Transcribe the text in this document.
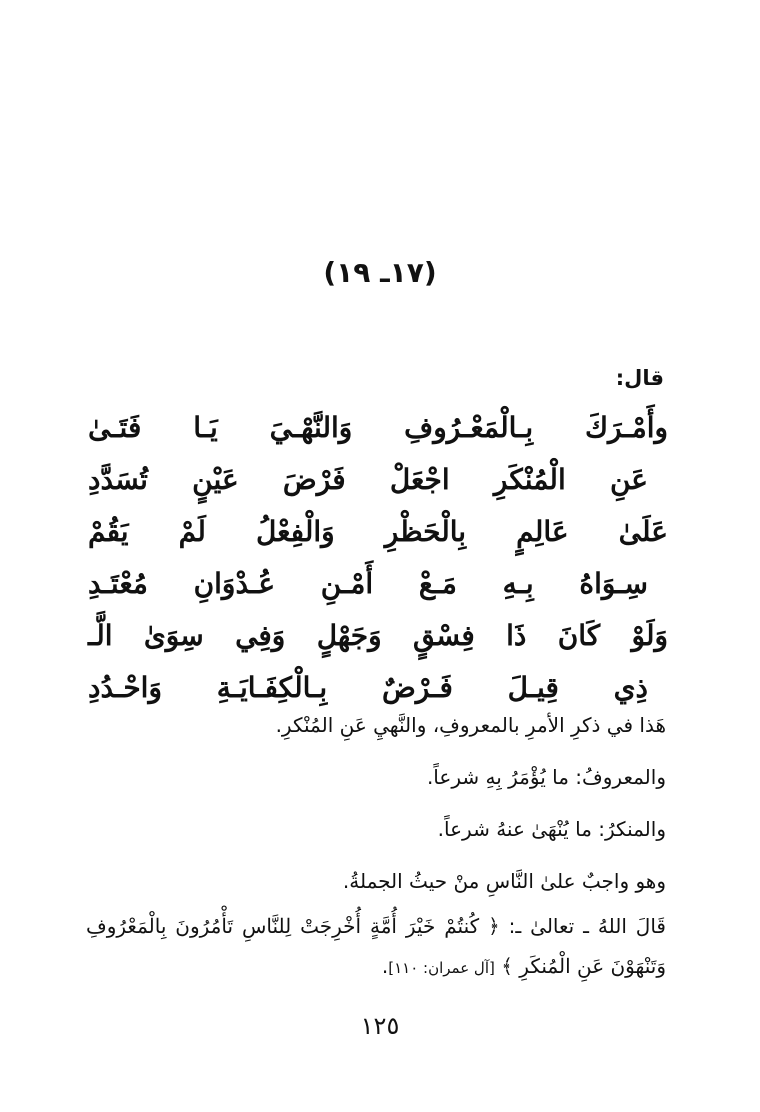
(١٧ـ ١٩)
قال:
وأَمْـرَكَ بِـالْمَعْـرُوفِ وَالنَّهْـيَ يَـا فَتَـىٰ
عَنِ الْمُنْكَرِ اجْعَلْ فَرْضَ عَيْنٍ تُسَدَّدِ
عَلَىٰ عَالِمٍ بِالْحَظْرِ وَالْفِعْلُ لَمْ يَقُمْ
سِـوَاهُ بِـهِ مَـعْ أَمْـنِ عُـدْوَانِ مُعْتَـدِ
وَلَوْ كَانَ ذَا فِسْقٍ وَجَهْلٍ وَفِي سِوَىٰ الَّـ
ذِي قِيـلَ فَـرْضٌ بِـالْكِفَـايَـةِ وَاحْـدُدِ

هَذا في ذكرِ الأمرِ بالمعروفِ، والنَّهيِ عَنِ المُنْكرِ.

والمعروفُ: ما يُؤْمَرُ بِهِ شرعاً.

والمنكرُ: ما يُنْهَىٰ عنهُ شرعاً.

وهو واجبٌ علىٰ النَّاسِ منْ حيثُ الجملةُ.

قَالَ اللهُ ـ تعالىٰ ـ: ﴿ كُنتُمْ خَيْرَ أُمَّةٍ أُخْرِجَتْ لِلنَّاسِ تَأْمُرُونَ بِالْمَعْرُوفِ
وَتَنْهَوْنَ عَنِ الْمُنكَرِ ﴾ [آل عمران: ١١٠].
١٢٥
